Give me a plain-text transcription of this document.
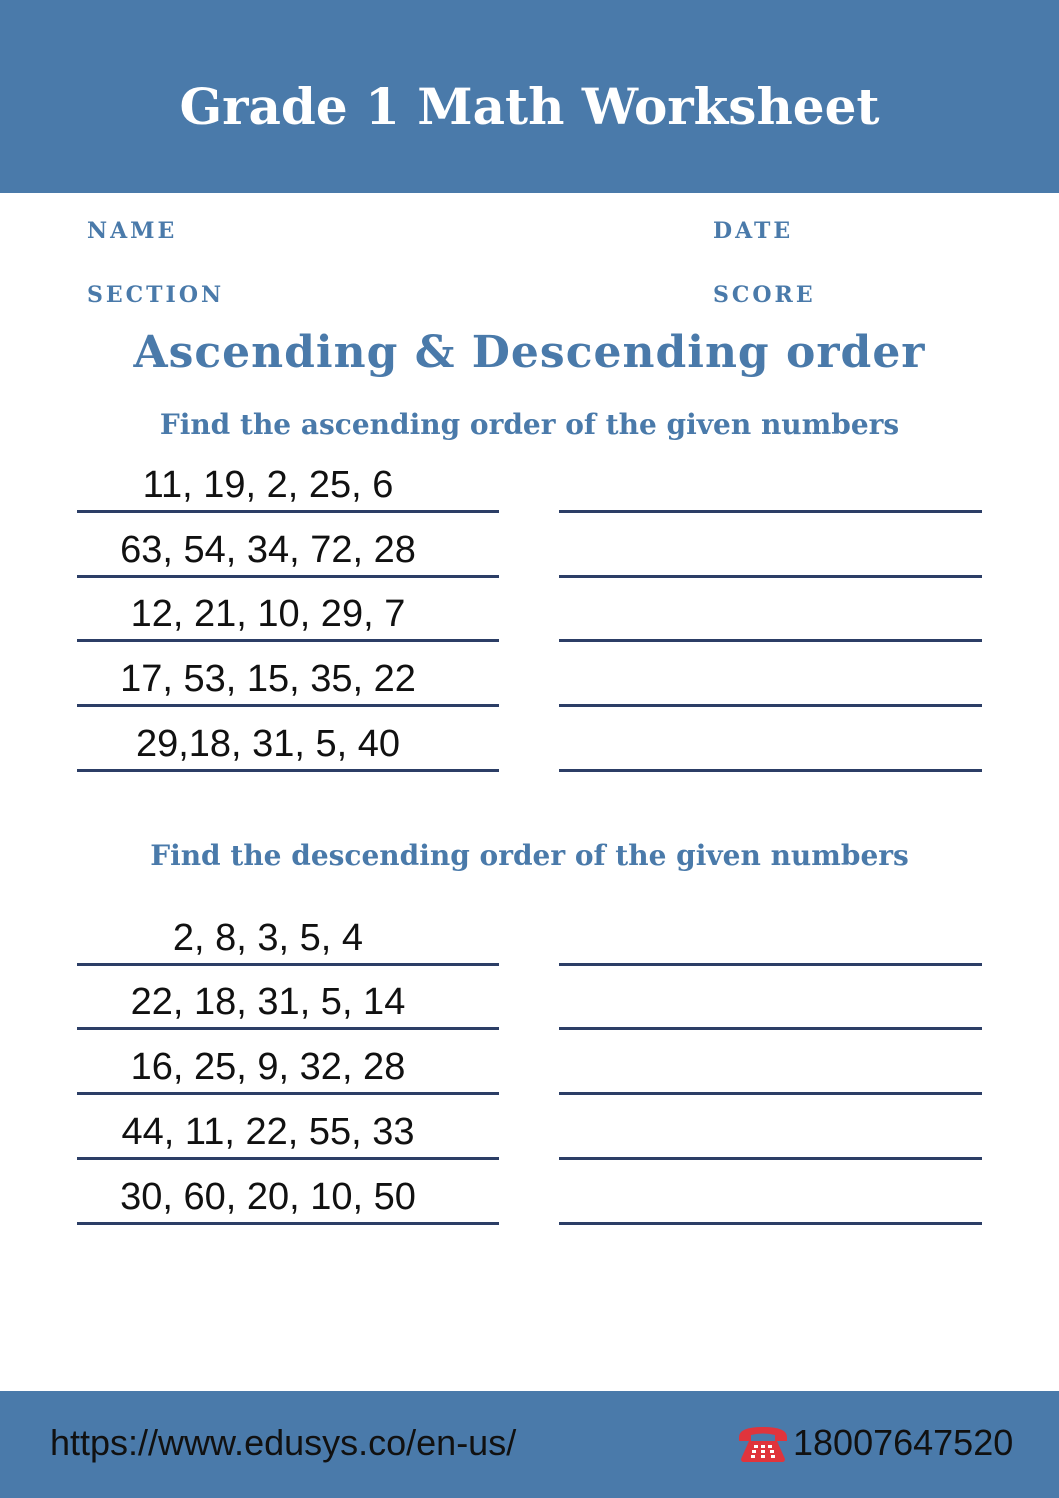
Grade 1 Math Worksheet
NAME	DATE
SECTION	SCORE
Ascending & Descending order
Find the ascending order of the given numbers
11, 19, 2, 25, 6
63, 54, 34, 72, 28
12, 21, 10, 29, 7
17, 53, 15, 35, 22
29,18, 31, 5, 40
Find the descending order of the given numbers
2, 8, 3, 5, 4
22, 18, 31, 5, 14
16, 25, 9, 32, 28
44, 11, 22, 55, 33
30, 60, 20, 10, 50
https://www.edusys.co/en-us/	18007647520
